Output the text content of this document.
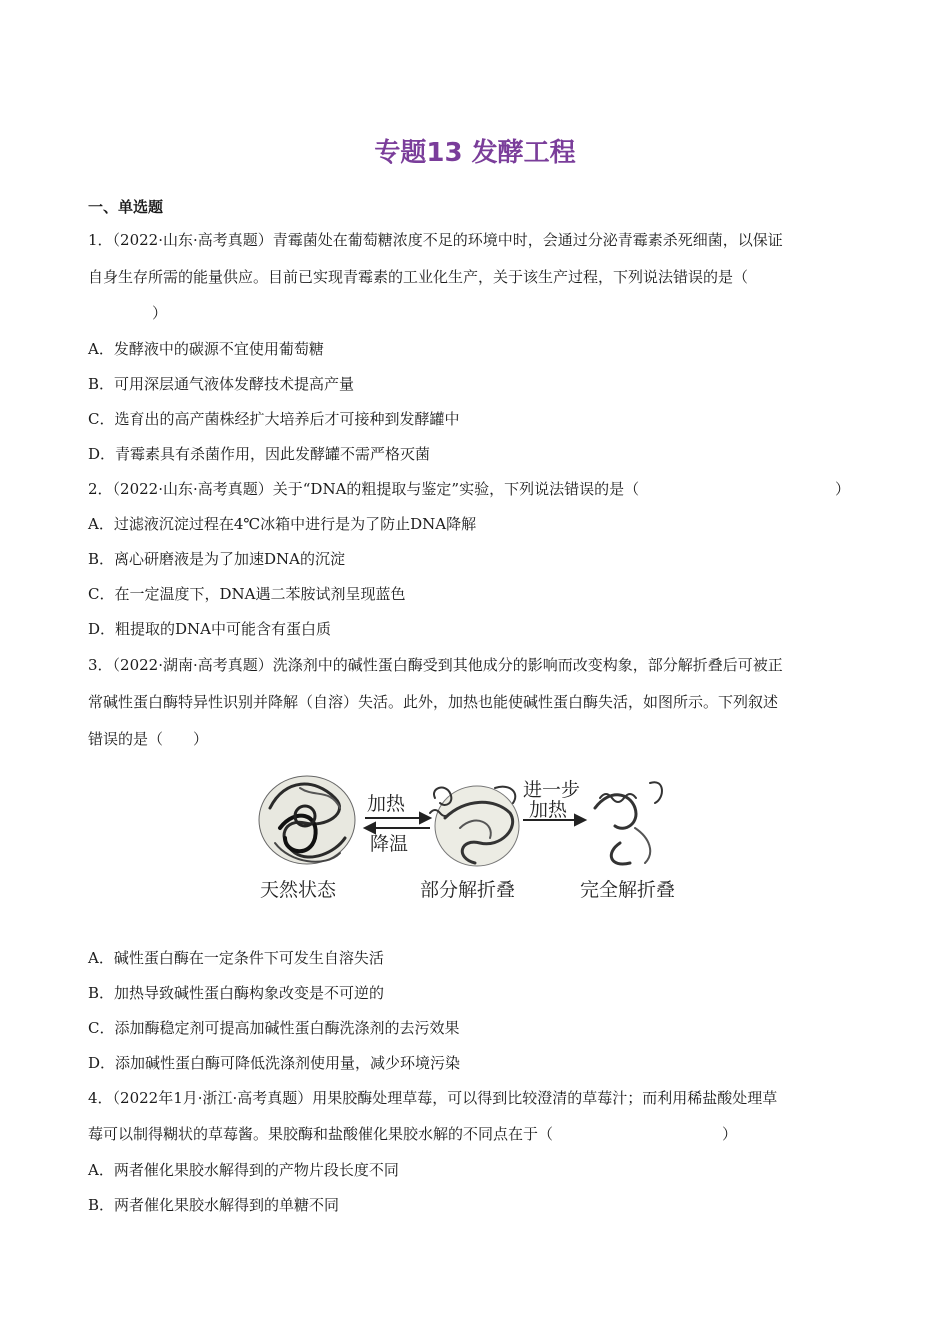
专题13 发酵工程
一、单选题
1．（2022·山东·高考真题）青霉菌处在葡萄糖浓度不足的环境中时，会通过分泌青霉素杀死细菌，以保证
自身生存所需的能量供应。目前已实现青霉素的工业化生产，关于该生产过程，下列说法错误的是（
）
A．发酵液中的碳源不宜使用葡萄糖
B．可用深层通气液体发酵技术提高产量
C．选育出的高产菌株经扩大培养后才可接种到发酵罐中
D．青霉素具有杀菌作用，因此发酵罐不需严格灭菌
2．（2022·山东·高考真题）关于“DNA的粗提取与鉴定”实验，下列说法错误的是（	）
A．过滤液沉淀过程在4℃冰箱中进行是为了防止DNA降解
B．离心研磨液是为了加速DNA的沉淀
C．在一定温度下，DNA遇二苯胺试剂呈现蓝色
D．粗提取的DNA中可能含有蛋白质
3．（2022·湖南·高考真题）洗涤剂中的碱性蛋白酶受到其他成分的影响而改变构象，部分解折叠后可被正
常碱性蛋白酶特异性识别并降解（自溶）失活。此外，加热也能使碱性蛋白酶失活，如图所示。下列叙述
错误的是（　　）
加热
降温
进一步
加热
天然状态	部分解折叠	完全解折叠
A．碱性蛋白酶在一定条件下可发生自溶失活
B．加热导致碱性蛋白酶构象改变是不可逆的
C．添加酶稳定剂可提高加碱性蛋白酶洗涤剂的去污效果
D．添加碱性蛋白酶可降低洗涤剂使用量，减少环境污染
4．（2022年1月·浙江·高考真题）用果胶酶处理草莓，可以得到比较澄清的草莓汁；而利用稀盐酸处理草
莓可以制得糊状的草莓酱。果胶酶和盐酸催化果胶水解的不同点在于（	）
A．两者催化果胶水解得到的产物片段长度不同
B．两者催化果胶水解得到的单糖不同
